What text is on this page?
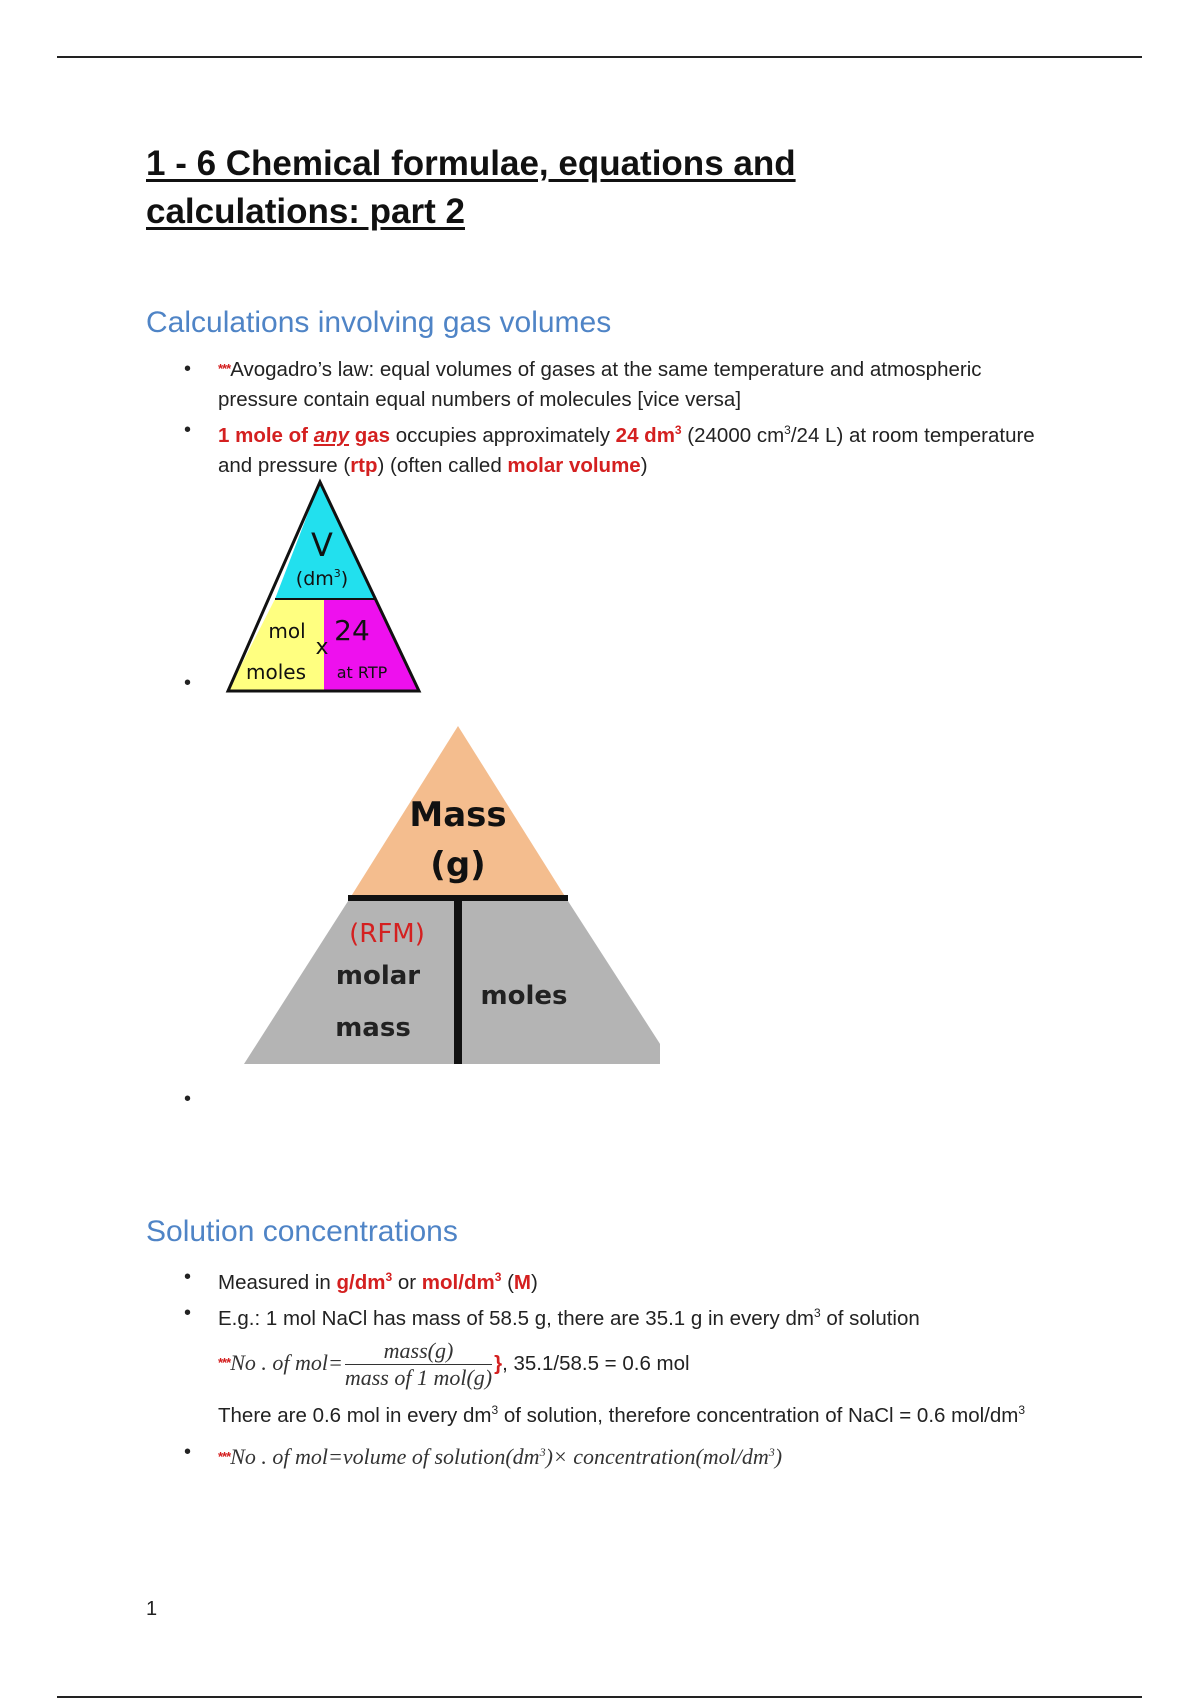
1 - 6 Chemical formulae, equations and calculations: part 2
Calculations involving gas volumes
• ***Avogadro’s law: equal volumes of gases at the same temperature and atmospheric pressure contain equal numbers of molecules [vice versa]
• 1 mole of any gas occupies approximately 24 $dm^3$ (24000 $cm^3/24$ L) at room temperature and pressure (rtp) (often called molar volume)
V
$(dm^3)$
mol
moles
x
24
at RTP
•
Mass
(g)
(RFM)
molar
mass
moles
•
Solution concentrations
• Measured in $g/dm^3$ or mol/$dm^3$ (M)
• E.g.: 1 mol NaCl has mass of 58.5 g, there are 35.1 g in every $dm^3$ of solution
***No . of $mol= \frac{\text{mass(g)}}{\text{mass of 1 mol(g)}}$ }, 35.1/58.5 = 0.6 mol
There are 0.6 mol in every $dm^3$ of solution, therefore concentration of NaCl = 0.6 mol/$dm^3$
• ***No . of mol=volume of $solution(dm^3)\times$ $concentration(mol/dm^3)$
1
